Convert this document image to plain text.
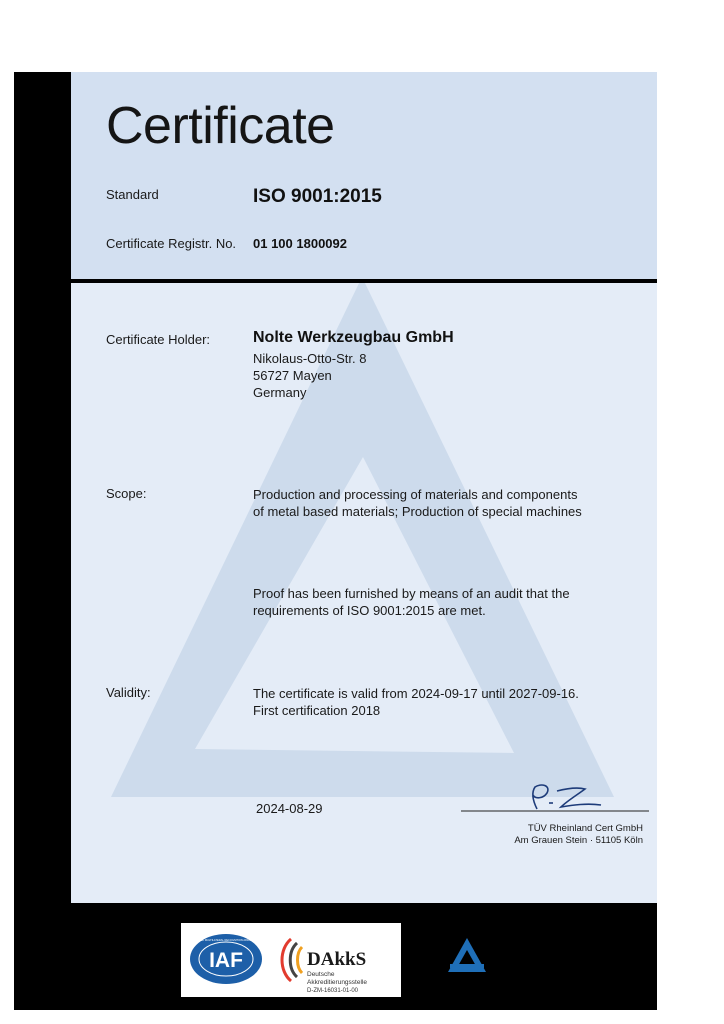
Certificate
Standard	ISO 9001:2015
Certificate Registr. No. 01 100 1800092
Certificate Holder:	Nolte Werkzeugbau GmbH
Nikolaus-Otto-Str. 8
56727 Mayen
Germany
Scope:	Production and processing of materials and components
of metal based materials; Production of special machines
Proof has been furnished by means of an audit that the
requirements of ISO 9001:2015 are met.
Validity:	The certificate is valid from 2024-09-17 until 2027-09-16.
First certification 2018
2024-08-29
TÜV Rheinland Cert GmbH
Am Grauen Stein · 51105 Köln
IAF
MEMBER OF MULTILATERAL RECOGNITION ARRANGEMENT
DAkkS
Deutsche
Akkreditierungsstelle
D-ZM-16031-01-00
